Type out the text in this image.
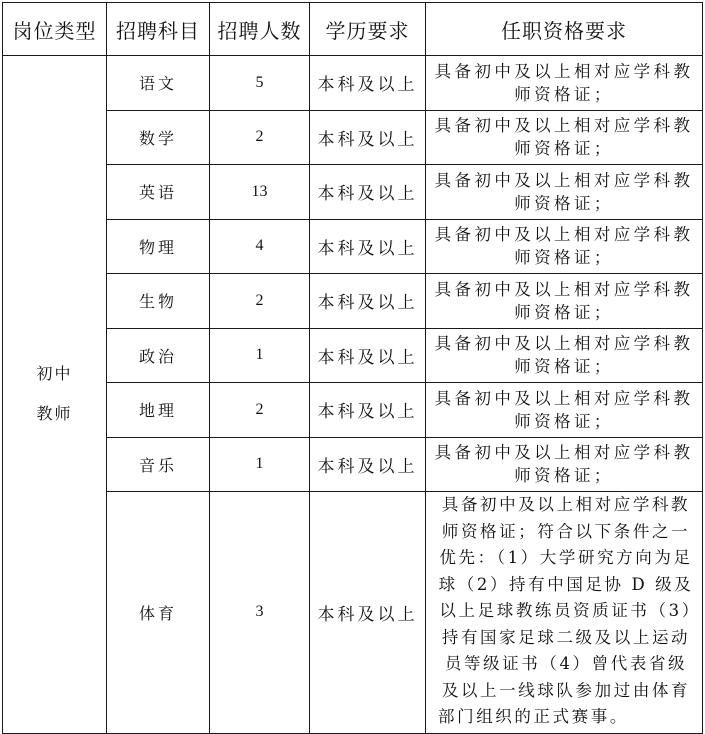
岗位类型	招聘科目	招聘人数	学历要求	任职资格要求

初中
教师	语文	5	本科及以上	具备初中及以上相对应学科教师资格证；
	数学	2	本科及以上	具备初中及以上相对应学科教师资格证；
	英语	13	本科及以上	具备初中及以上相对应学科教师资格证；
	物理	4	本科及以上	具备初中及以上相对应学科教师资格证；
	生物	2	本科及以上	具备初中及以上相对应学科教师资格证；
	政治	1	本科及以上	具备初中及以上相对应学科教师资格证；
	地理	2	本科及以上	具备初中及以上相对应学科教师资格证；
	音乐	1	本科及以上	具备初中及以上相对应学科教师资格证；
	体育	3	本科及以上	具备初中及以上相对应学科教师资格证；符合以下条件之一优先：（1）大学研究方向为足球（2）持有中国足协 D 级及以上足球教练员资质证书（3）持有国家足球二级及以上运动员等级证书（4）曾代表省级及以上一线球队参加过由体育部门组织的正式赛事。
